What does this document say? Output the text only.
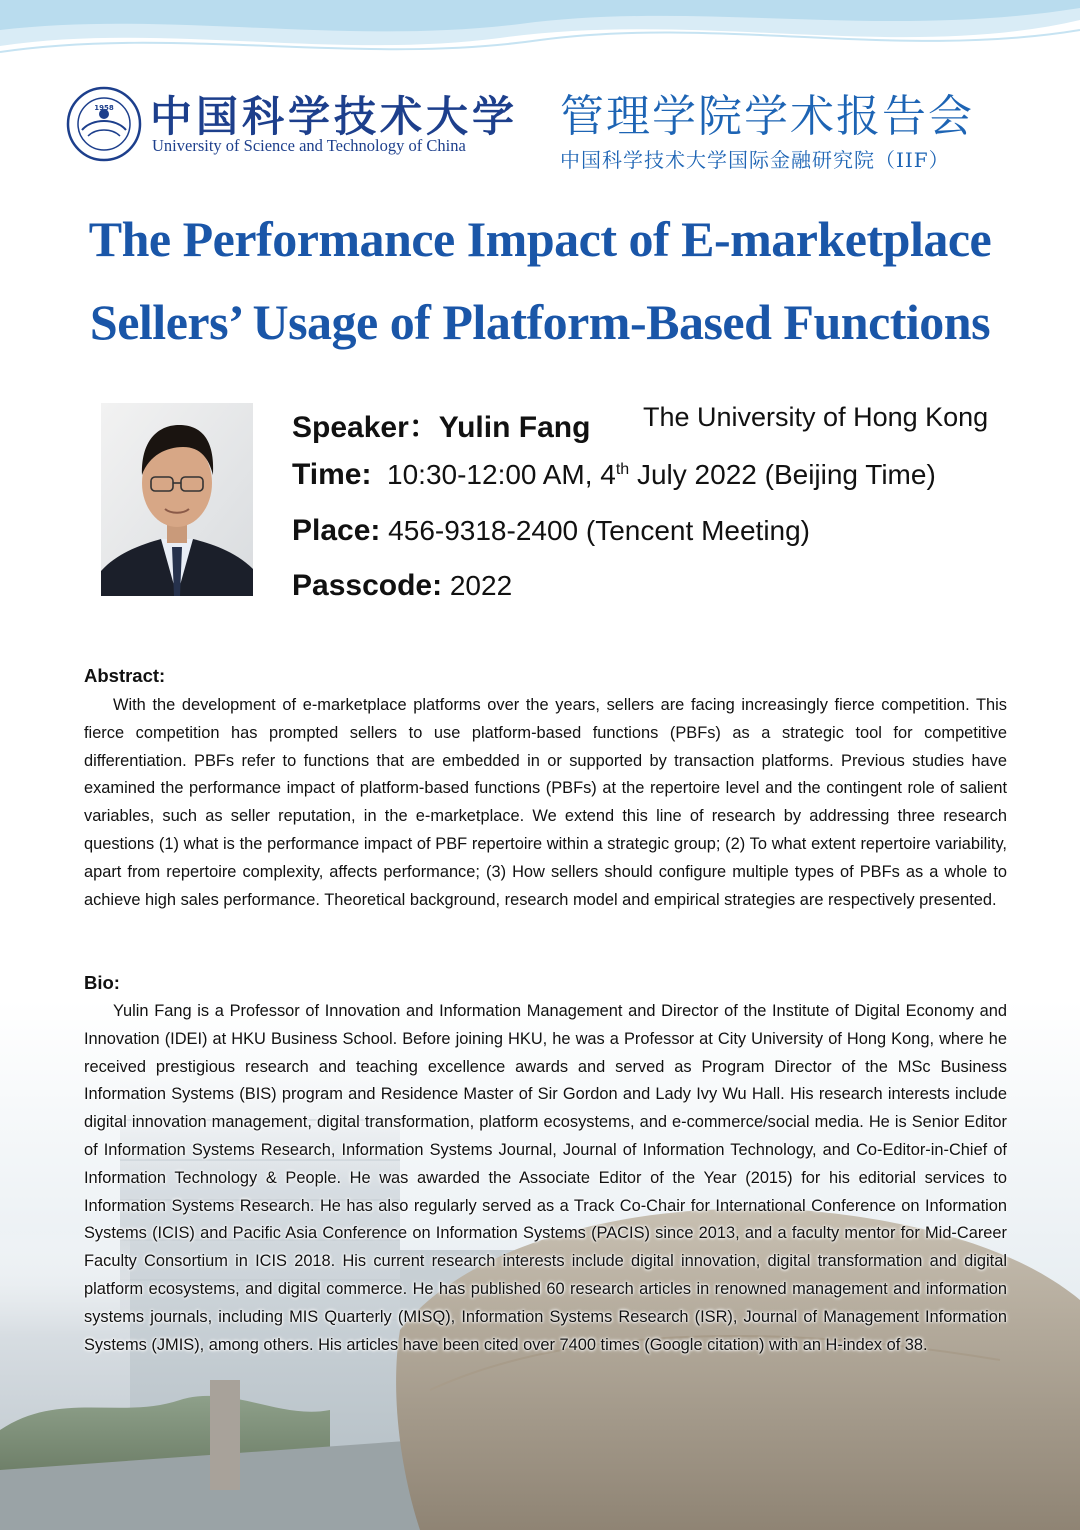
1958 中国科学技术大学
University of Science and Technology of China
管理学院学术报告会
中国科学技术大学国际金融研究院（IIF）
The Performance Impact of E-marketplace
Sellers’ Usage of Platform-Based Functions
Speaker：Yulin Fang The University of Hong Kong
Time: 10:30-12:00 AM, 4th July 2022 (Beijing Time)
Place: 456-9318-2400 (Tencent Meeting)
Passcode: 2022
Abstract:
With the development of e-marketplace platforms over the years, sellers are facing increasingly fierce competition. This fierce competition has prompted sellers to use platform-based functions (PBFs) as a strategic tool for competitive differentiation. PBFs refer to functions that are embedded in or supported by transaction platforms. Previous studies have examined the performance impact of platform-based functions (PBFs) at the repertoire level and the contingent role of salient variables, such as seller reputation, in the e-marketplace. We extend this line of research by addressing three research questions (1) what is the performance impact of PBF repertoire within a strategic group; (2) To what extent repertoire variability, apart from repertoire complexity, affects performance; (3) How sellers should configure multiple types of PBFs as a whole to achieve high sales performance. Theoretical background, research model and empirical strategies are respectively presented.
Bio:
Yulin Fang is a Professor of Innovation and Information Management and Director of the Institute of Digital Economy and Innovation (IDEI) at HKU Business School. Before joining HKU, he was a Professor at City University of Hong Kong, where he received prestigious research and teaching excellence awards and served as Program Director of the MSc Business Information Systems (BIS) program and Residence Master of Sir Gordon and Lady Ivy Wu Hall. His research interests include digital innovation management, digital transformation, platform ecosystems, and e-commerce/social media. He is Senior Editor of Information Systems Research, Information Systems Journal, Journal of Information Technology, and Co-Editor-in-Chief of Information Technology & People. He was awarded the Associate Editor of the Year (2015) for his editorial services to Information Systems Research. He has also regularly served as a Track Co-Chair for International Conference on Information Systems (ICIS) and Pacific Asia Conference on Information Systems (PACIS) since 2013, and a faculty mentor for Mid-Career Faculty Consortium in ICIS 2018. His current research interests include digital innovation, digital transformation and digital platform ecosystems, and digital commerce. He has published 60 research articles in renowned management and information systems journals, including MIS Quarterly (MISQ), Information Systems Research (ISR), Journal of Management Information Systems (JMIS), among others. His articles have been cited over 7400 times (Google citation) with an H-index of 38.
